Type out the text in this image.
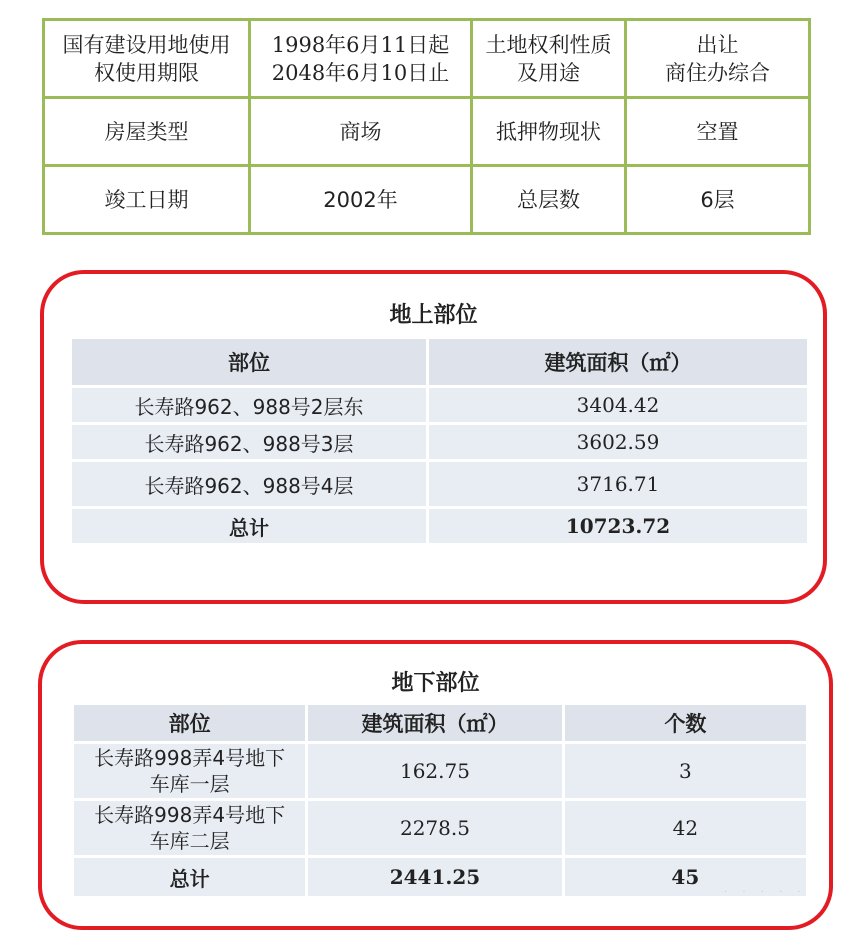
国有建设用地使用
权使用期限	1998年6月11日起
2048年6月10日止	土地权利性质
及用途	出让
商住办综合

房屋类型	商场	抵押物现状	空置

竣工日期	2002年	总层数	6层
地上部位
部位	建筑面积（㎡）
长寿路962、988号2层东	3404.42
长寿路962、988号3层	3602.59
长寿路962、988号4层	3716.71
总计	10723.72
地下部位
部位	建筑面积（㎡）	个数
长寿路998弄4号地下
车库一层	162.75	3
长寿路998弄4号地下
车库二层	2278.5	42
总计	2441.25	45
· · · · ·
